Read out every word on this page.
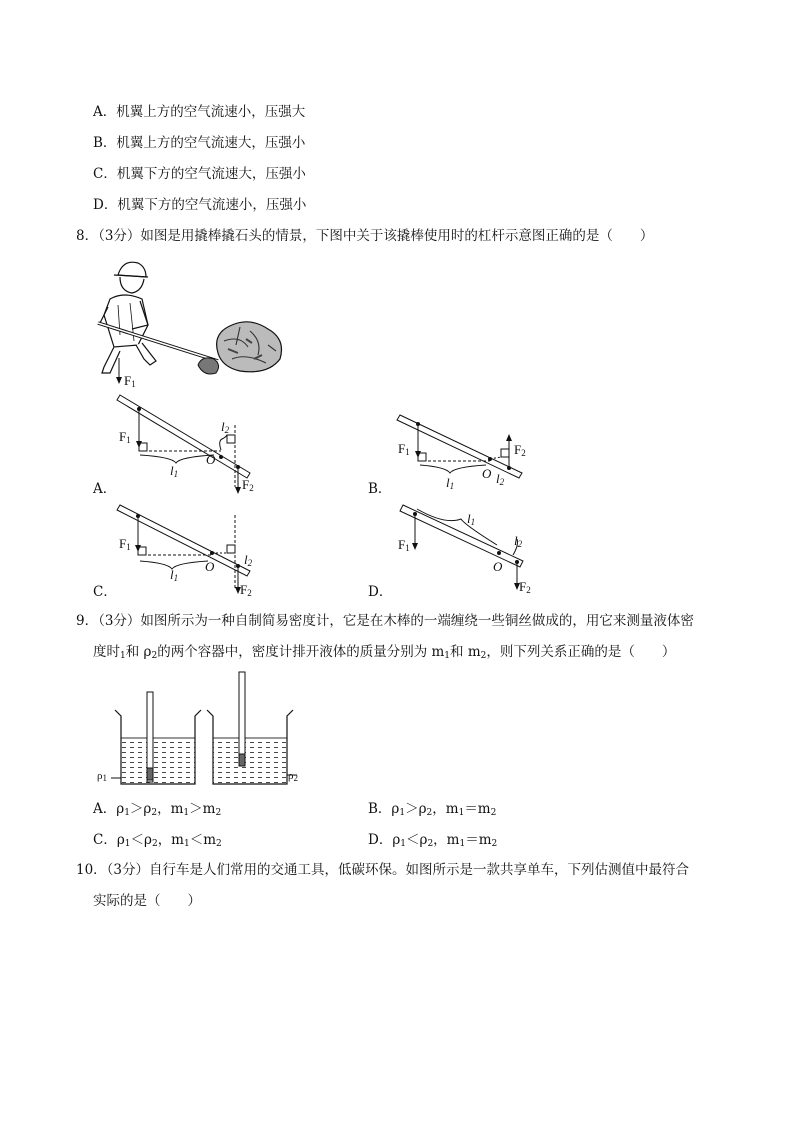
A．机翼上方的空气流速小，压强大
B．机翼上方的空气流速大，压强小
C．机翼下方的空气流速大，压强小
D．机翼下方的空气流速小，压强小
8．（3分）如图是用撬棒撬石头的情景，下图中关于该撬棒使用时的杠杆示意图正确的是（　　）
$F_1$
$F_1$
$l_1$
O
$l_2$
$F_2$
A．
$F_1$
$l_1$
O $l_2$
$F_2$
B．
$F_1$
$l_1$
O $l_2$
$F_2$
C．
$F_1$
$l_1$
O
$l_2$
$F_2$
D．
9．（3分）如图所示为一种自制简易密度计，它是在木棒的一端缠绕一些铜丝做成的，用它来测量液体密
度时$_1$和 $\rho_2$的两个容器中，密度计排开液体的质量分别为 $m_1$和 $m_2$，则下列关系正确的是（　　）
$\rho_1$	$\rho_2$
A．$\rho_1>\rho_2$，$m_1>m_2$	B．$\rho_1>\rho_2$，$m_1=m_2$
C．$\rho_1<\rho_2$，$m_1<m_2$	D．$\rho_1<\rho_2$，$m_1=m_2$
10．（3分）自行车是人们常用的交通工具，低碳环保。如图所示是一款共享单车，下列估测值中最符合
实际的是（　　）
